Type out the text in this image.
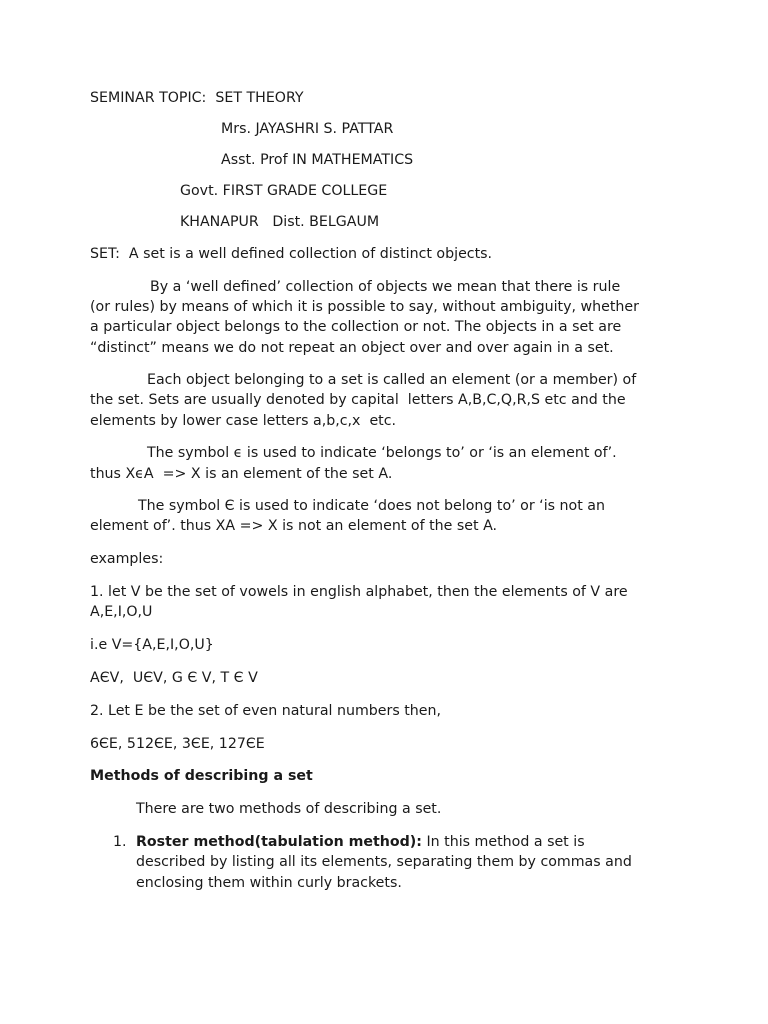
SEMINAR TOPIC:  SET THEORY
Mrs. JAYASHRI S. PATTAR
Asst. Prof IN MATHEMATICS
Govt. FIRST GRADE COLLEGE
KHANAPUR   Dist. BELGAUM
SET:  A set is a well defined collection of distinct objects.
By a ‘well defined’ collection of objects we mean that there is rule
(or rules) by means of which it is possible to say, without ambiguity, whether
a particular object belongs to the collection or not. The objects in a set are
“distinct” means we do not repeat an object over and over again in a set.
Each object belonging to a set is called an element (or a member) of
the set. Sets are usually denoted by capital  letters A,B,C,Q,R,S etc and the
elements by lower case letters a,b,c,x  etc.
The symbol ϵ is used to indicate ‘belongs to’ or ‘is an element of’.
thus XϵA  => X is an element of the set A.
The symbol Є is used to indicate ‘does not belong to’ or ‘is not an
element of’. thus XA => X is not an element of the set A.
examples:
1. let V be the set of vowels in english alphabet, then the elements of V are
A,E,I,O,U
i.e V={A,E,I,O,U}
AЄV,  UЄV, G Є V, T Є V
2. Let E be the set of even natural numbers then,
6ЄE, 512ЄE, 3ЄE, 127ЄE
Methods of describing a set
There are two methods of describing a set.
1. Roster method(tabulation method): In this method a set is
described by listing all its elements, separating them by commas and
enclosing them within curly brackets.
